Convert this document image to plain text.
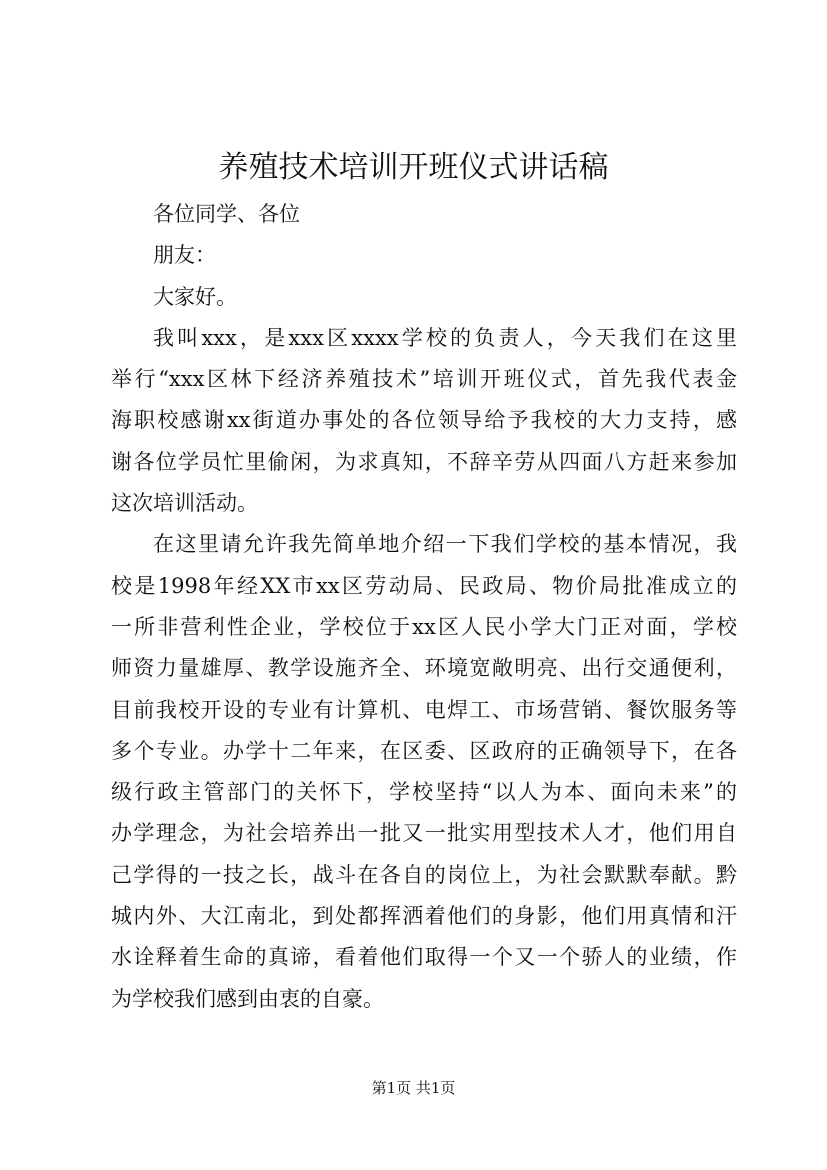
养殖技术培训开班仪式讲话稿

各位同学、各位

朋友：

大家好。

我叫xxx，是xxx区xxxx学校的负责人，今天我们在这里

举行“xxx区林下经济养殖技术”培训开班仪式，首先我代表金

海职校感谢xx街道办事处的各位领导给予我校的大力支持，感

谢各位学员忙里偷闲，为求真知，不辞辛劳从四面八方赶来参加

这次培训活动。

在这里请允许我先简单地介绍一下我们学校的基本情况，我

校是1998年经XX市xx区劳动局、民政局、物价局批准成立的

一所非营利性企业，学校位于xx区人民小学大门正对面，学校

师资力量雄厚、教学设施齐全、环境宽敞明亮、出行交通便利，

目前我校开设的专业有计算机、电焊工、市场营销、餐饮服务等

多个专业。办学十二年来，在区委、区政府的正确领导下，在各

级行政主管部门的关怀下，学校坚持“以人为本、面向未来”的

办学理念，为社会培养出一批又一批实用型技术人才，他们用自

己学得的一技之长，战斗在各自的岗位上，为社会默默奉献。黔

城内外、大江南北，到处都挥洒着他们的身影，他们用真情和汗

水诠释着生命的真谛，看着他们取得一个又一个骄人的业绩，作

为学校我们感到由衷的自豪。

第1页 共1页
